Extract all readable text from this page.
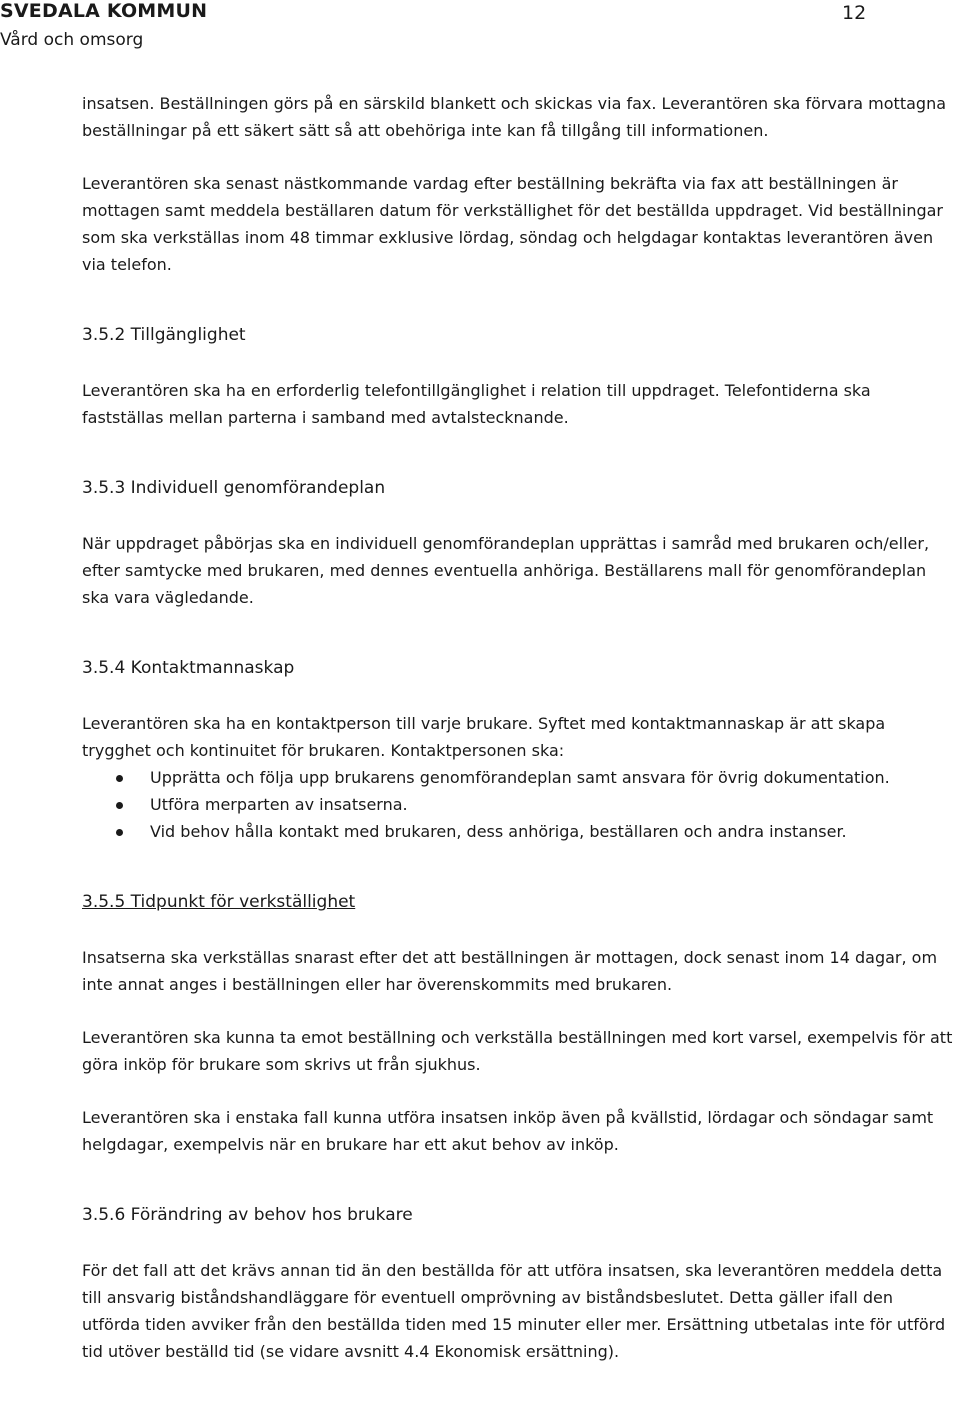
SVEDALA KOMMUN
Vård och omsorg
12

insatsen. Beställningen görs på en särskild blankett och skickas via fax. Leverantören ska förvara mottagna beställningar på ett säkert sätt så att obehöriga inte kan få tillgång till informationen.

Leverantören ska senast nästkommande vardag efter beställning bekräfta via fax att beställningen är mottagen samt meddela beställaren datum för verkställighet för det beställda uppdraget. Vid beställningar som ska verkställas inom 48 timmar exklusive lördag, söndag och helgdagar kontaktas leverantören även via telefon.

3.5.2 Tillgänglighet

Leverantören ska ha en erforderlig telefontillgänglighet i relation till uppdraget. Telefontiderna ska fastställas mellan parterna i samband med avtalstecknande.

3.5.3 Individuell genomförandeplan

När uppdraget påbörjas ska en individuell genomförandeplan upprättas i samråd med brukaren och/eller, efter samtycke med brukaren, med dennes eventuella anhöriga. Beställarens mall för genomförandeplan ska vara vägledande.

3.5.4 Kontaktmannaskap

Leverantören ska ha en kontaktperson till varje brukare. Syftet med kontaktmannaskap är att skapa trygghet och kontinuitet för brukaren. Kontaktpersonen ska:

Upprätta och följa upp brukarens genomförandeplan samt ansvara för övrig dokumentation.
Utföra merparten av insatserna.
Vid behov hålla kontakt med brukaren, dess anhöriga, beställaren och andra instanser.
3.5.5 Tidpunkt för verkställighet

Insatserna ska verkställas snarast efter det att beställningen är mottagen, dock senast inom 14 dagar, om inte annat anges i beställningen eller har överenskommits med brukaren.

Leverantören ska kunna ta emot beställning och verkställa beställningen med kort varsel, exempelvis för att göra inköp för brukare som skrivs ut från sjukhus.

Leverantören ska i enstaka fall kunna utföra insatsen inköp även på kvällstid, lördagar och söndagar samt helgdagar, exempelvis när en brukare har ett akut behov av inköp.

3.5.6 Förändring av behov hos brukare

För det fall att det krävs annan tid än den beställda för att utföra insatsen, ska leverantören meddela detta till ansvarig biståndshandläggare för eventuell omprövning av biståndsbeslutet. Detta gäller ifall den utförda tiden avviker från den beställda tiden med 15 minuter eller mer. Ersättning utbetalas inte för utförd tid utöver beställd tid (se vidare avsnitt 4.4 Ekonomisk ersättning).
